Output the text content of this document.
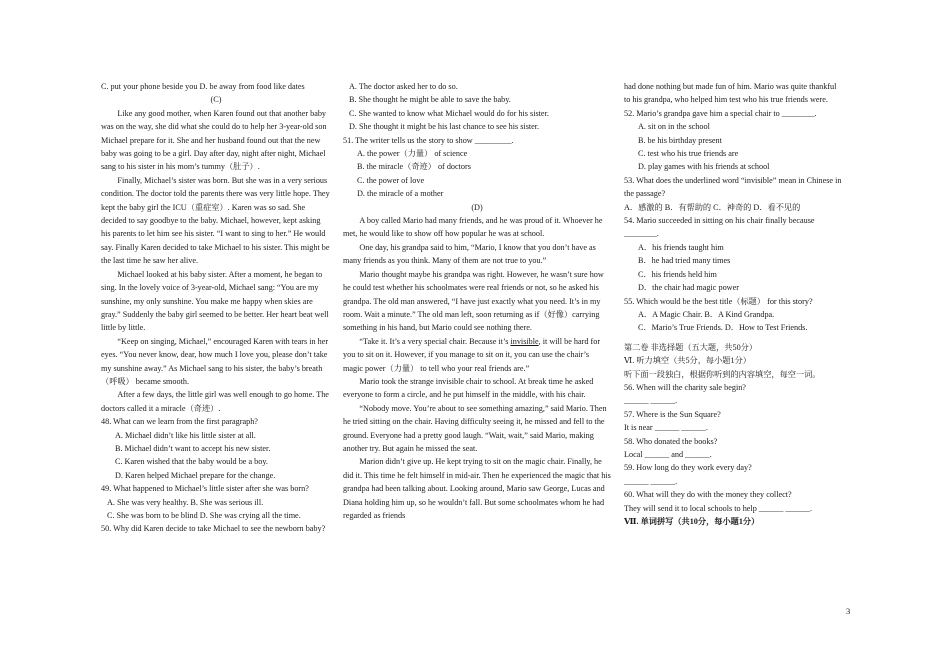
C. put your phone beside you D. be away from food like dates

(C)

Like any good mother, when Karen found out that another baby was on the way, she did what she could do to help her 3-year-old son Michael prepare for it. She and her husband found out that the new baby was going to be a girl. Day after day, night after night, Michael sang to his sister in his mom’s tummy（肚子）.

Finally, Michael’s sister was born. But she was in a very serious condition. The doctor told the parents there was very little hope. They kept the baby girl the ICU（重症室）. Karen was so sad. She decided to say goodbye to the baby. Michael, however, kept asking his parents to let him see his sister. “I want to sing to her.” He would say. Finally Karen decided to take Michael to his sister. This might be the last time he saw her alive.

Michael looked at his baby sister. After a moment, he began to sing. In the lovely voice of 3-year-old, Michael sang: “You are my sunshine, my only sunshine. You make me happy when skies are gray.” Suddenly the baby girl seemed to be better. Her heart beat well little by little.

“Keep on singing, Michael,” encouraged Karen with tears in her eyes. “You never know, dear, how much I love you, please don’t take my sunshine away.” As Michael sang to his sister, the baby’s breath（呼吸） became smooth.

After a few days, the little girl was well enough to go home. The doctors called it a miracle（奇迹）.

48. What can we learn from the first paragraph?

A. Michael didn’t like his little sister at all.

B. Michael didn’t want to accept his new sister.

C. Karen wished that the baby would be a boy.

D. Karen helped Michael prepare for the change.

49. What happened to Michael’s little sister after she was born?

A. She was very healthy. B. She was serious ill.

C. She was born to be blind D. She was crying all the time.

50. Why did Karen decide to take Michael to see the newborn baby?

A. The doctor asked her to do so.

B. She thought he might be able to save the baby.

C. She wanted to know what Michael would do for his sister.

D. She thought it might be his last chance to see his sister.

51. The writer tells us the story to show _________.

A. the power（力量） of science

B. the miracle（奇迹） of doctors

C. the power of love

D. the miracle of a mother

(D)

A boy called Mario had many friends, and he was proud of it. Whoever he met, he would like to show off how popular he was at school.

One day, his grandpa said to him, “Mario, I know that you don’t have as many friends as you think. Many of them are not true to you.”

Mario thought maybe his grandpa was right. However, he wasn’t sure how he could test whether his schoolmates were real friends or not, so he asked his grandpa. The old man answered, “I have just exactly what you need. It’s in my room. Wait a minute.” The old man left, soon returning as if（好像）carrying something in his hand, but Mario could see nothing there.

“Take it. It’s a very special chair. Because it’s invisible, it will be hard for you to sit on it. However, if you manage to sit on it, you can use the chair’s magic power（力量） to tell who your real friends are.”

Mario took the strange invisible chair to school. At break time he asked everyone to form a circle, and he put himself in the middle, with his chair.

“Nobody move. You’re about to see something amazing,” said Mario. Then he tried sitting on the chair. Having difficulty seeing it, he missed and fell to the ground. Everyone had a pretty good laugh. “Wait, wait,” said Mario, making another try. But again he missed the seat.

Marion didn’t give up. He kept trying to sit on the magic chair. Finally, he did it. This time he felt himself in mid-air. Then he experienced the magic that his grandpa had been talking about. Looking around, Mario saw George, Lucas and Diana holding him up, so he wouldn’t fall. But some schoolmates whom he had regarded as friends

had done nothing but made fun of him. Mario was quite thankful to his grandpa, who helped him test who his true friends were.

52. Mario’s grandpa gave him a special chair to ________.

A. sit on in the school

B. be his birthday present

C. test who his true friends are

D. play games with his friends at school

53. What does the underlined word “invisible” mean in Chinese in the passage?

A．感激的 B．有帮助的 C．神奇的 D．看不见的

54. Mario succeeded in sitting on his chair finally because ________.

A．his friends taught him

B．he had tried many times

C．his friends held him

D．the chair had magic power

55. Which would be the best title（标题） for this story?

A．A Magic Chair. B．A Kind Grandpa.

C．Mario’s True Friends. D．How to Test Friends.

第二卷 非选择题（五大题，共50分）

Ⅵ. 听力填空（共5分，每小题1分）

听下面一段独白，根据你听到的内容填空，每空一词。

56. When will the charity sale begin?

______ ______.

57. Where is the Sun Square?

It is near ______ ______.

58. Who donated the books?

Local ______ and ______.

59. How long do they work every day?

______ ______.

60. What will they do with the money they collect?

They will send it to local schools to help ______ ______.

Ⅶ. 单词拼写（共10分，每小题1分）

3
